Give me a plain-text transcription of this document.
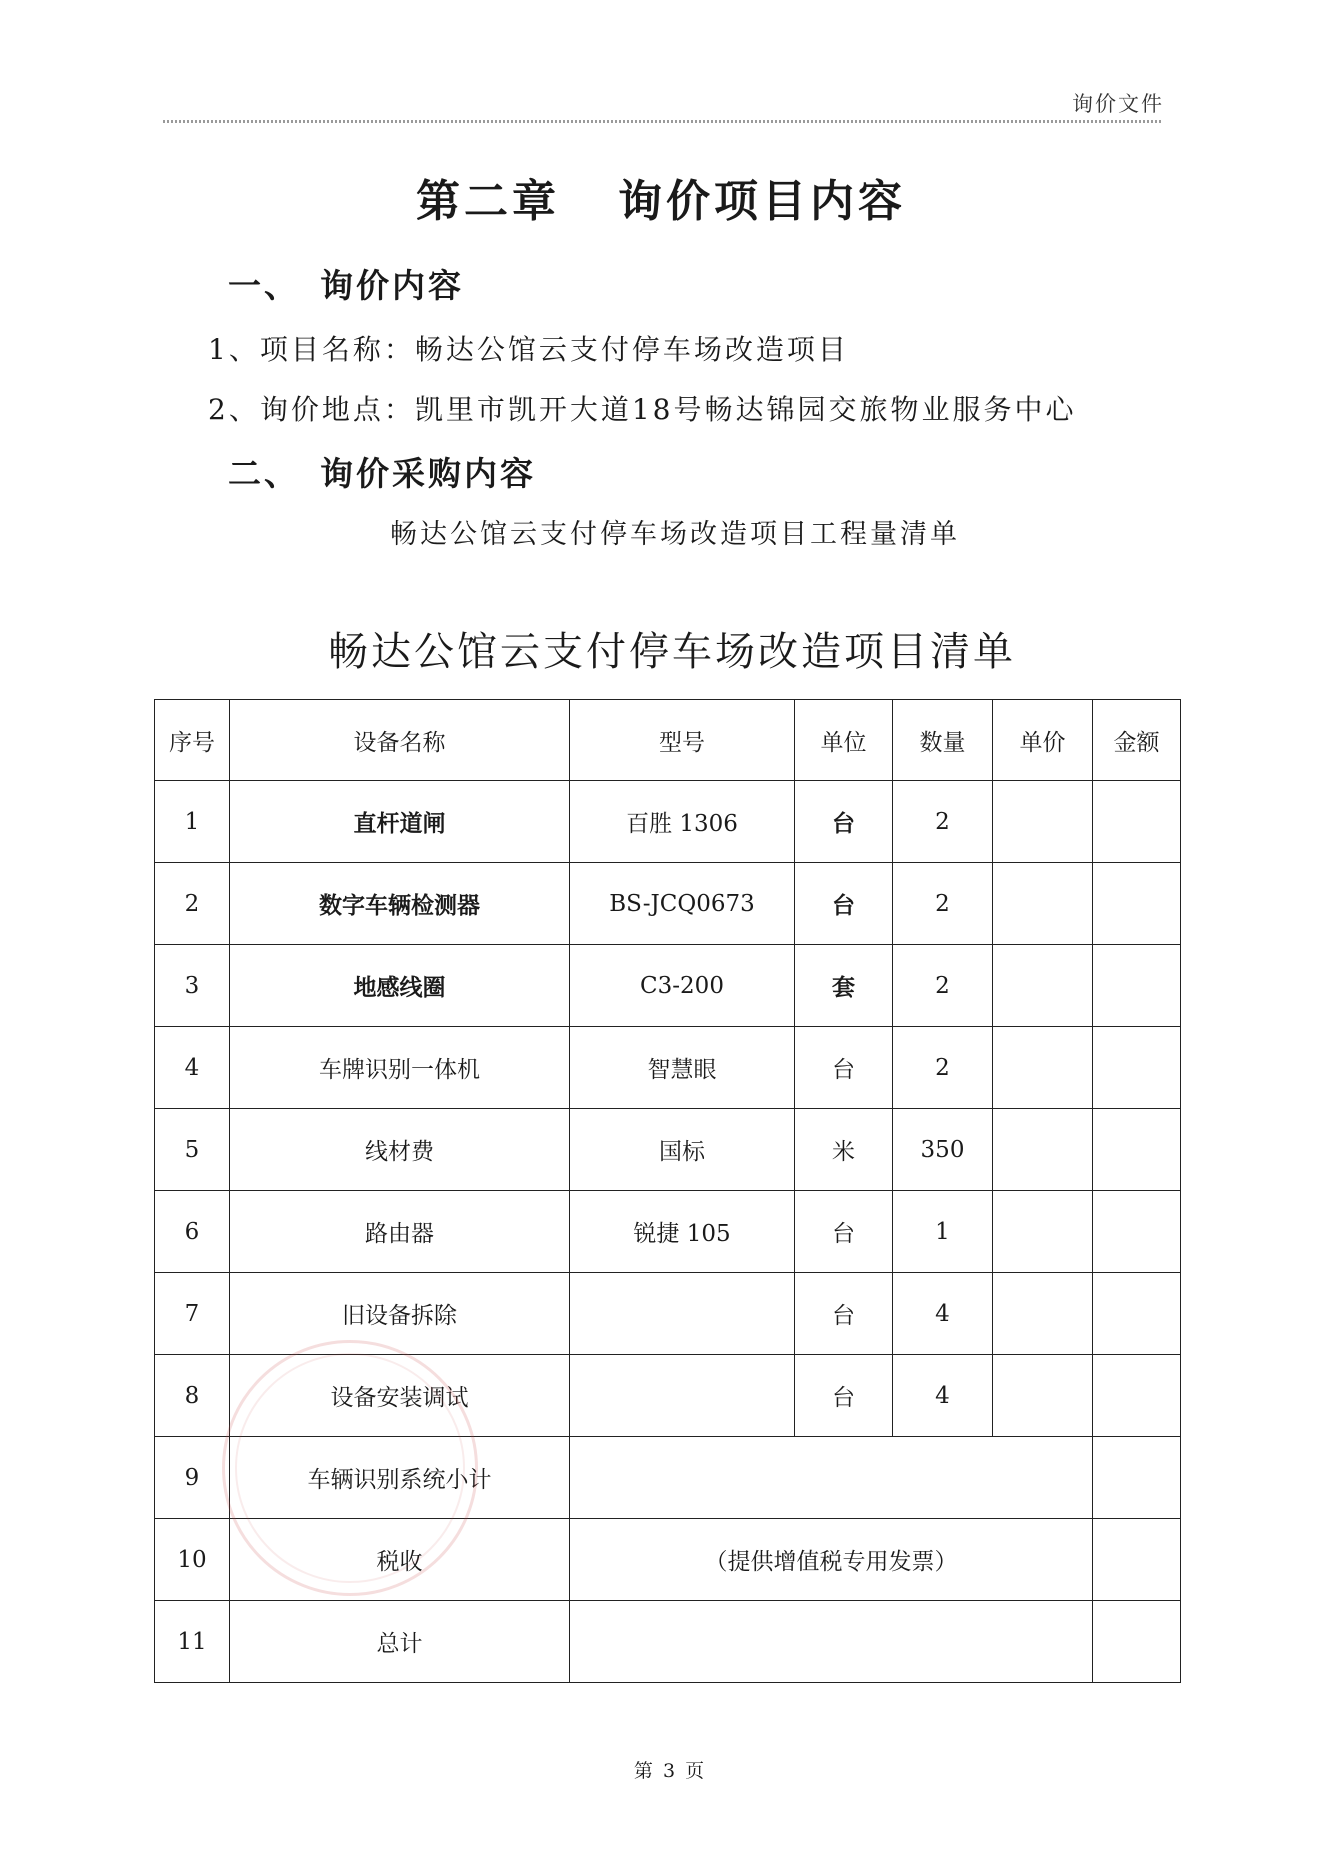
询价文件
第二章 询价项目内容
一、 询价内容
1、项目名称：畅达公馆云支付停车场改造项目
2、询价地点：凯里市凯开大道18号畅达锦园交旅物业服务中心
二、 询价采购内容
畅达公馆云支付停车场改造项目工程量清单
畅达公馆云支付停车场改造项目清单
序号	设备名称	型号	单位	数量	单价	金额
1	直杆道闸	百胜 1306	台	2		
2	数字车辆检测器	BS-JCQ0673	台	2		
3	地感线圈	C3-200	套	2		
4	车牌识别一体机	智慧眼	台	2		
5	线材费	国标	米	350		
6	路由器	锐捷 105	台	1		
7	旧设备拆除		台	4		
8	设备安装调试		台	4		
9	车辆识别系统小计					
10	税收	（提供增值税专用发票）				
11	总计					
第 3 页
